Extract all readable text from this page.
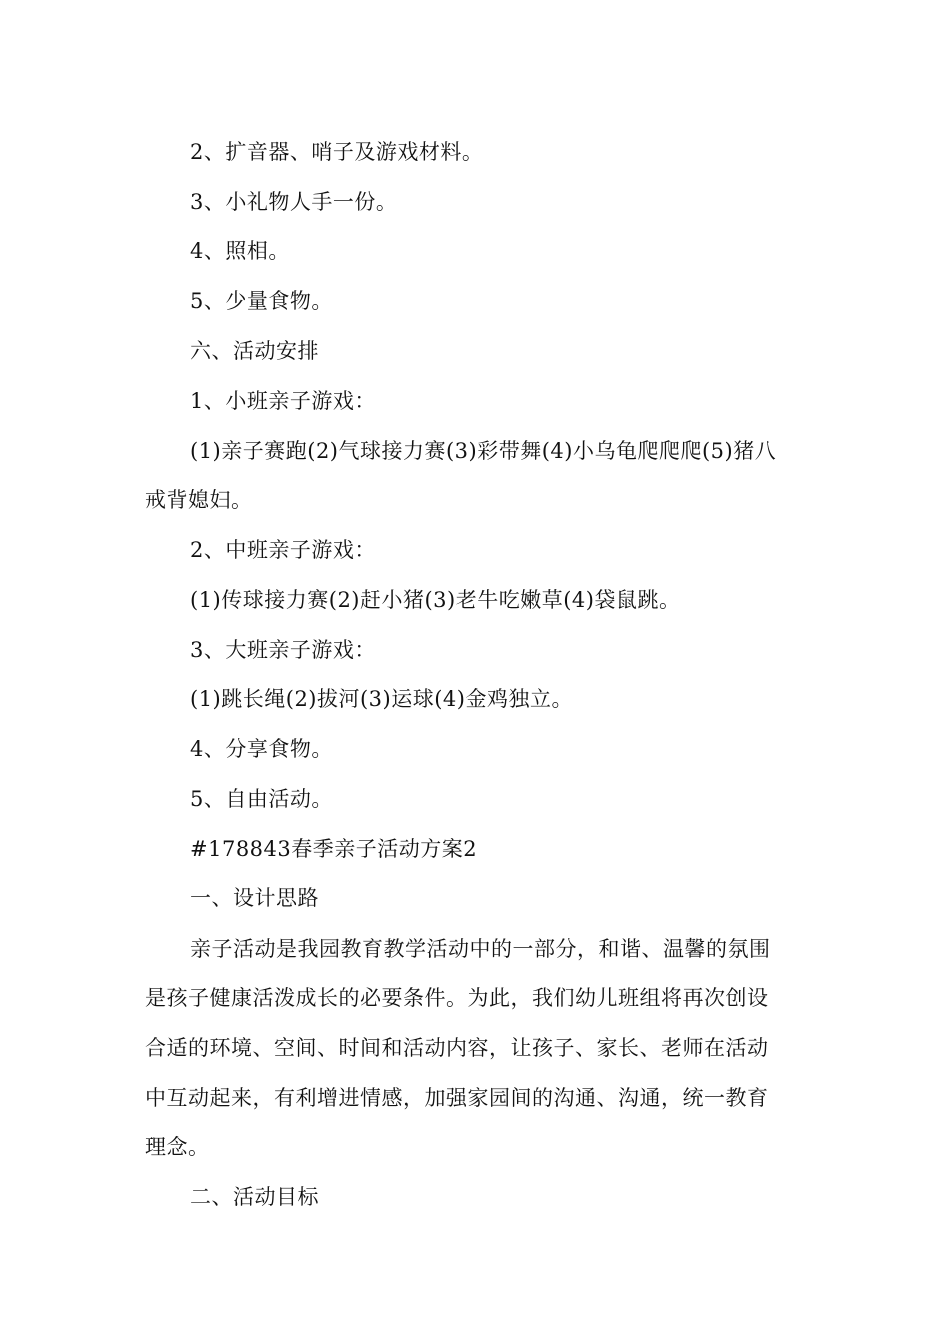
2、扩音器、哨子及游戏材料。
3、小礼物人手一份。
4、照相。
5、少量食物。
六、活动安排
1、小班亲子游戏：
(1)亲子赛跑(2)气球接力赛(3)彩带舞(4)小乌龟爬爬爬(5)猪八
戒背媳妇。
2、中班亲子游戏：
(1)传球接力赛(2)赶小猪(3)老牛吃嫩草(4)袋鼠跳。
3、大班亲子游戏：
(1)跳长绳(2)拔河(3)运球(4)金鸡独立。
4、分享食物。
5、自由活动。
#178843春季亲子活动方案2
一、设计思路
亲子活动是我园教育教学活动中的一部分，和谐、温馨的氛围
是孩子健康活泼成长的必要条件。为此，我们幼儿班组将再次创设
合适的环境、空间、时间和活动内容，让孩子、家长、老师在活动
中互动起来，有利增进情感，加强家园间的沟通、沟通，统一教育
理念。
二、活动目标
